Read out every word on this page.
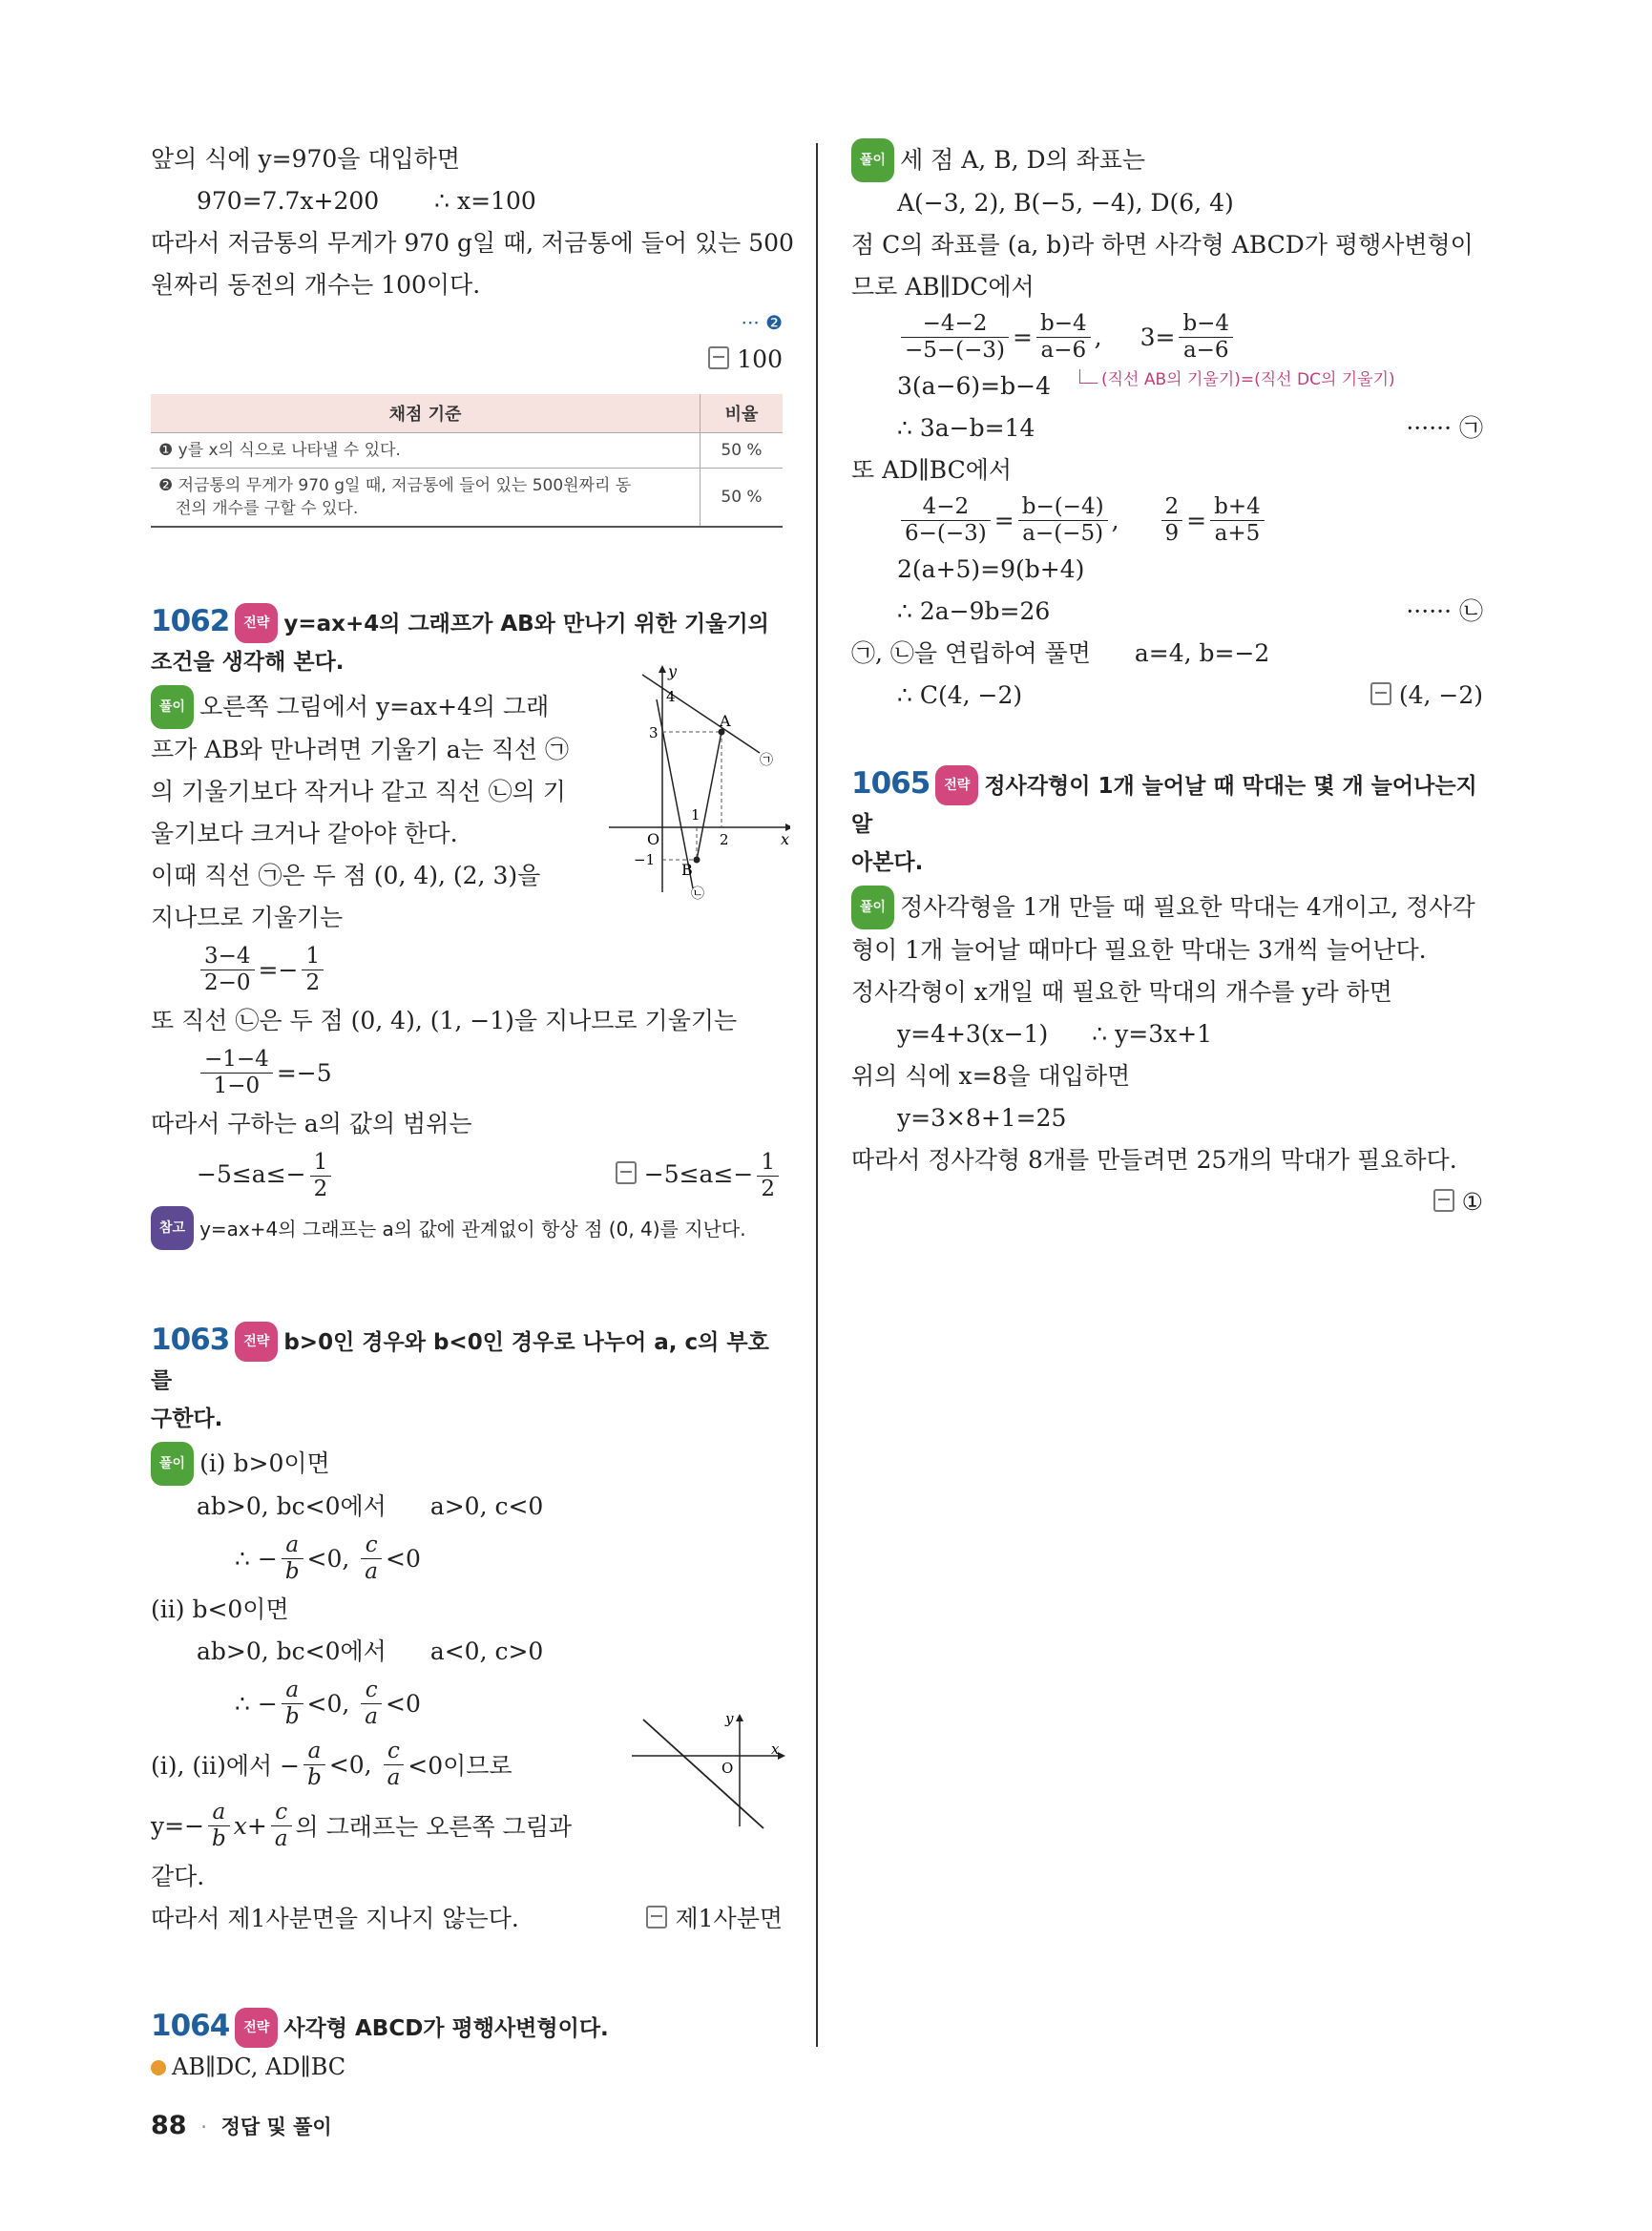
앞의 식에 y=970을 대입하면
970=7.7x+200 ∴ x=100
따라서 저금통의 무게가 970 g일 때, 저금통에 들어 있는 500
원짜리 동전의 개수는 100이다.
··· ❷
100
채점 기준	비율
❶ y를 x의 식으로 나타낼 수 있다.	50 %

❷ 저금통의 무게가 970 g일 때, 저금통에 들어 있는 500원짜리 동
전의 개수를 구할 수 있다.	50 %
1062 전략 y=ax+4의 그래프가 AB와 만나기 위한 기울기의
조건을 생각해 본다.
풀이 오른쪽 그림에서 y=ax+4의 그래
프가 AB와 만나려면 기울기 a는 직선 ㉠
의 기울기보다 작거나 같고 직선 ㉡의 기
울기보다 크거나 같아야 한다.
이때 직선 ㉠은 두 점 (0, 4), (2, 3)을
지나므로 기울기는
$\frac{3-4}{2-0} =- \frac{1}{2}$
또 직선 ㉡은 두 점 (0, 4), (1, −1)을 지나므로 기울기는
$\frac{-1-4}{1-0} =-5$
따라서 구하는 a의 값의 범위는
$-5\le a\le- \frac{1}{2}$	$-5\le a\le- \frac{1}{2}$
참고 y=ax+4의 그래프는 a의 값에 관계없이 항상 점 (0, 4)를 지난다.
1063 전략 b>0인 경우와 b<0인 경우로 나누어 a, c의 부호를
구한다.
풀이 (i) b>0이면
ab>0, bc<0에서 a>0, c<0
∴ − $\frac{a}{b} <0$, $\frac{c}{a} <0$
(ii) b<0이면
ab>0, bc<0에서 a<0, c>0
∴ − $\frac{a}{b} <0$, $\frac{c}{a} <0$
(i), (ii)에서 − $\frac{a}{b} <0$, $\frac{c}{a} <0$이므로
$y=- \frac{a}{b}$ $x + \frac{c}{a}$ 의 그래프는 오른쪽 그림과
같다.
따라서 제1사분면을 지나지 않는다.	제1사분면
1064 전략 사각형 ABCD가 평행사변형이다.
AB∥DC, AD∥BC
y
x
O
4
3
−1
1
2
A
B
㉠
㉡
y
x
O
풀이 세 점 A, B, D의 좌표는
A(−3, 2), B(−5, −4), D(6, 4)
점 C의 좌표를 (a, b)라 하면 사각형 ABCD가 평행사변형이
므로 AB∥DC에서
$\frac{-4-2}{-5-(-3)} = \frac{b-4}{a-6}$ , $3= \frac{b-4}{a-6}$
3(a−6)=b−4	(직선 AB의 기울기)=(직선 DC의 기울기)
∴ 3a−b=14	······ ㉠
또 AD∥BC에서
$\frac{4-2}{6-(-3)} = \frac{b-(-4)}{a-(-5)}$ , $\frac{2}{9} = \frac{b+4}{a+5}$
2(a+5)=9(b+4)
∴ 2a−9b=26	······ ㉡
㉠, ㉡을 연립하여 풀면 a=4, b=−2
∴ C(4, −2)	(4, −2)
1065 전략 정사각형이 1개 늘어날 때 막대는 몇 개 늘어나는지 알
아본다.
풀이 정사각형을 1개 만들 때 필요한 막대는 4개이고, 정사각
형이 1개 늘어날 때마다 필요한 막대는 3개씩 늘어난다.
정사각형이 x개일 때 필요한 막대의 개수를 y라 하면
y=4+3(x−1) ∴ y=3x+1
위의 식에 x=8을 대입하면
y=3×8+1=25
따라서 정사각형 8개를 만들려면 25개의 막대가 필요하다.
①
88 · 정답 및 풀이
